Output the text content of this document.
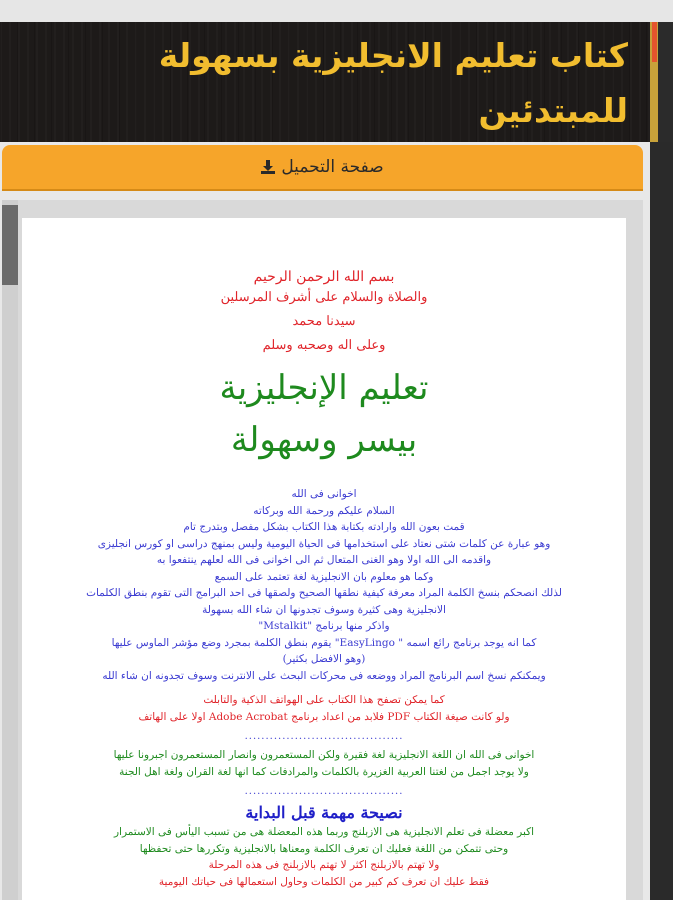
كتاب تعليم الانجليزية بسهولة للمبتدئين
صفحة التحميل
بسم الله الرحمن الرحيم
والصلاة والسلام على أشرف المرسلين
سيدنا محمد
وعلى اله وصحبه وسلم
تعليم الإنجليزية
بيسر وسهولة
اخوانى فى الله
السلام عليكم ورحمة الله وبركاته
قمت بعون الله وارادته بكتابة هذا الكتاب بشكل مفصل وبتدرج تام
وهو عبارة عن كلمات شتى نعتاد على استخدامها فى الحياة اليومية وليس بمنهج دراسى او كورس انجليزى
واقدمه الى الله اولا وهو الغنى المتعال ثم الى اخوانى فى الله لعلهم ينتفعوا به
وكما هو معلوم بان الانجليزية لغة تعتمد على السمع
لذلك انصحكم بنسخ الكلمة المراد معرفة كيفية نطقها الصحيح ولصقها فى احد البرامج التى تقوم بنطق الكلمات
الانجليزية وهى كثيرة وسوف تجدونها ان شاء الله بسهولة
واذكر منها برنامج "Mstalkit"
كما انه يوجد برنامج رائع اسمه " EasyLingo" يقوم بنطق الكلمة بمجرد وضع مؤشر الماوس عليها
(وهو الافضل بكثير)
ويمكنكم نسخ اسم البرنامج المراد ووضعه فى محركات البحث على الانترنت وسوف تجدونه ان شاء الله
كما يمكن تصفح هذا الكتاب على الهواتف الذكية والتابلت
ولو كانت صيغة الكتاب PDF فلابد من اعداد برنامج Adobe Acrobat اولا على الهاتف
......................................
اخوانى فى الله ان اللغة الانجليزية لغة فقيرة ولكن المستعمرون وانصار المستعمرون اجبرونا عليها
ولا يوجد اجمل من لغتنا العربية الغزيرة بالكلمات والمرادفات كما انها لغة القران ولغة اهل الجنة
......................................
نصيحة مهمة قبل البداية
اكبر معضلة فى تعلم الانجليزية هى الازبلنج وربما هذه المعضلة هى من تسبب اليأس فى الاستمرار
وحتى تتمكن من اللغة فعليك ان تعرف الكلمة ومعناها بالانجليزية وتكررها حتى تحفظها
ولا تهتم بالازبلنج اكثر لا تهتم بالازبلنج فى هذه المرحلة
فقط عليك ان تعرف كم كبير من الكلمات وحاول استعمالها فى حياتك اليومية
